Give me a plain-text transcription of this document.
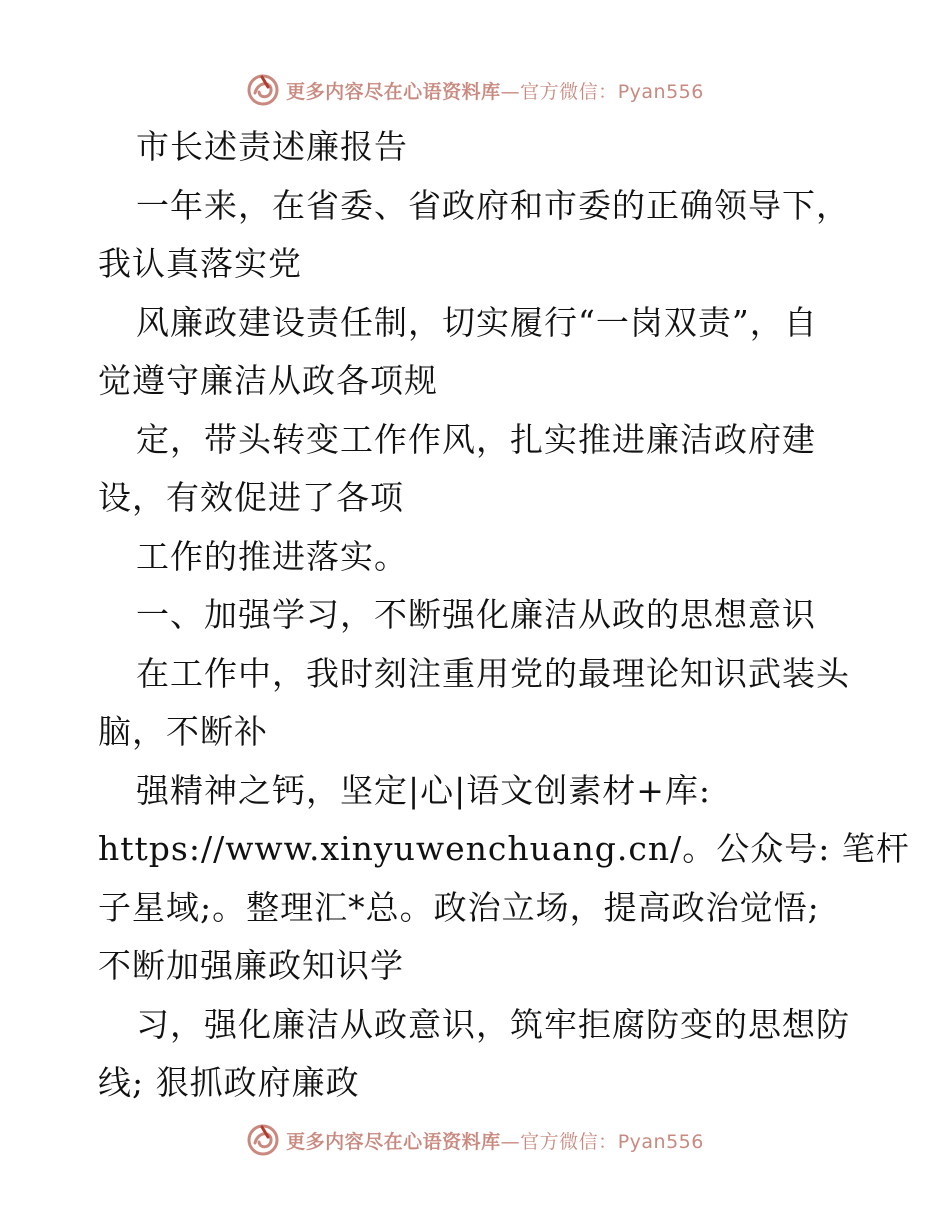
更多内容尽在心语资料库—官方微信：Pyan556
市长述责述廉报告
一年来，在省委、省政府和市委的正确领导下，
我认真落实党
风廉政建设责任制，切实履行“一岗双责”，自
觉遵守廉洁从政各项规
定，带头转变工作作风，扎实推进廉洁政府建
设，有效促进了各项
工作的推进落实。
一、加强学习，不断强化廉洁从政的思想意识
在工作中，我时刻注重用党的最理论知识武装头
脑，不断补
强精神之钙，坚定|心|语文创素材+库:
https://www.xinyuwenchuang.cn/。公众号: 笔杆
子星域;。整理汇*总。政治立场，提高政治觉悟;
不断加强廉政知识学
习，强化廉洁从政意识，筑牢拒腐防变的思想防
线; 狠抓政府廉政
更多内容尽在心语资料库—官方微信：Pyan556
